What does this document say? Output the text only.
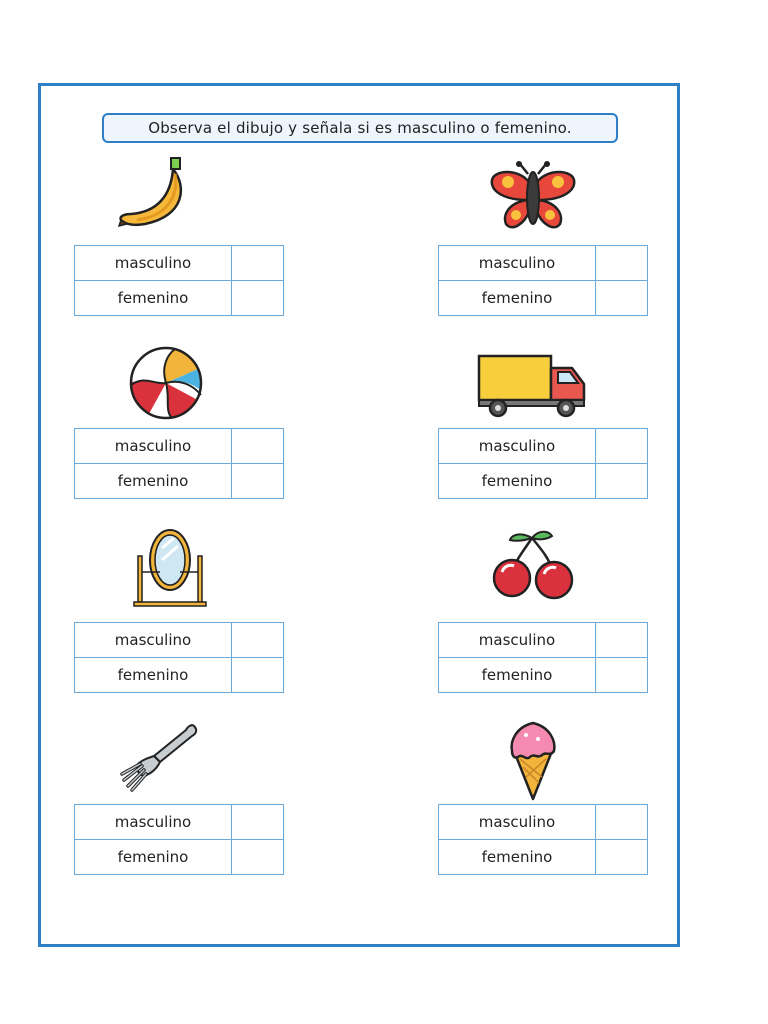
Observa el dibujo y señala si es masculino o femenino.
masculino
femenino
masculino
femenino
masculino
femenino
masculino
femenino
masculino
femenino
masculino
femenino
masculino
femenino
masculino
femenino
